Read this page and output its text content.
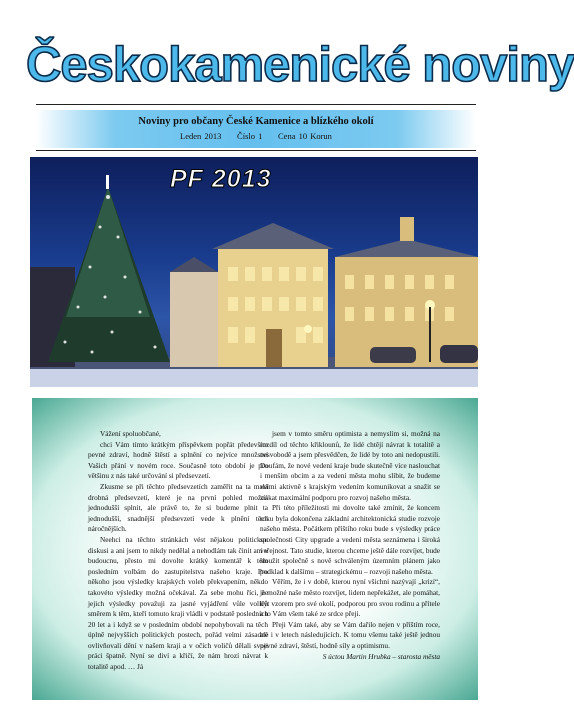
Českokamenické noviny
Noviny pro občany České Kamenice a blízkého okolí
Leden 2013 Číslo 1 Cena 10 Korun
PF 2013

Vážení spoluobčané,

chci Vám tímto krátkým příspěvkem popřát především pevné zdraví, hodně štěstí a splnění co nejvíce množství Vašich přání v novém roce. Současně toto období je pro většinu z nás také určování si předsevzetí.

Zkusme se při těchto předsevzetích zaměřit na ta malá drobná předsevzetí, které je na první pohled možná jednodušší splnit, ale právě to, že si budeme plnit ta jednodušší, snadnější předsevzetí vede k plnění těch náročnějších.

Neehci na těchto stránkách vést nějakou politickou diskusi a ani jsem to nikdy nedělal a nehodlám tak činit ani v budoucnu, přesto mi dovolte krátký komentář k těm posledním volbám do zastupitelstva našeho kraje. Pro někoho jsou výsledky krajských voleb překvapením, někdo takovéto výsledky možná očekával. Za sebe mohu říci, že jejich výsledky považuji za jasné vyjádření vůle voličů směrem k těm, kteří tomuto kraji vládli v podstatě posledních 20 let a i když se v posledním období nepohybovali na těch úplně nejvyšších politických postech, pořád velmi zásadně ovlivňovali dění v našem kraji a v očích voličů dělali svoji práci špatně. Nyní se diví a křičí, že nám hrozí návrat k totalitě apod. … Já

jsem v tomto směru optimista a nemyslím si, možná na rozdíl od těchto křiklounů, že lidé chtějí návrat k totalitě a nesvobodě a jsem přesvědčen, že lidé by toto ani nedopustili. Doufám, že nové vedení kraje bude skutečně více naslouchat i menším obcím a za vedení města mohu slíbit, že budeme velmi aktivně s krajským vedením komunikovat a snažit se získat maximální podporu pro rozvoj našeho města.

Při této příležitosti mi dovolte také zmínit, že koncem roku byla dokončena základní architektonická studie rozvoje našeho města. Počátkem příštího roku bude s výsledky práce společnosti City upgrade a vedení města seznámena i široká veřejnost. Tato studie, kterou chceme ještě dále rozvíjet, bude sloužit společně s nově schváleným územním plánem jako podklad k dalšímu – strategickému – rozvoji našeho města.

Věřím, že i v době, kterou nyní všichni nazývají „krizí“, je možné naše město rozvíjet, lidem nepřekážet, ale pomáhat, být vzorem pro své okolí, podporou pro svou rodinu a přítele a to Vám všem také ze srdce přeji.

Přeji Vám také, aby se Vám dařilo nejen v příštím roce, ale i v letech následujících. K tomu všemu také ještě jednou pevné zdraví, štěstí, hodně síly a optimismu.

S úctou Martin Hrubka – starosta města
